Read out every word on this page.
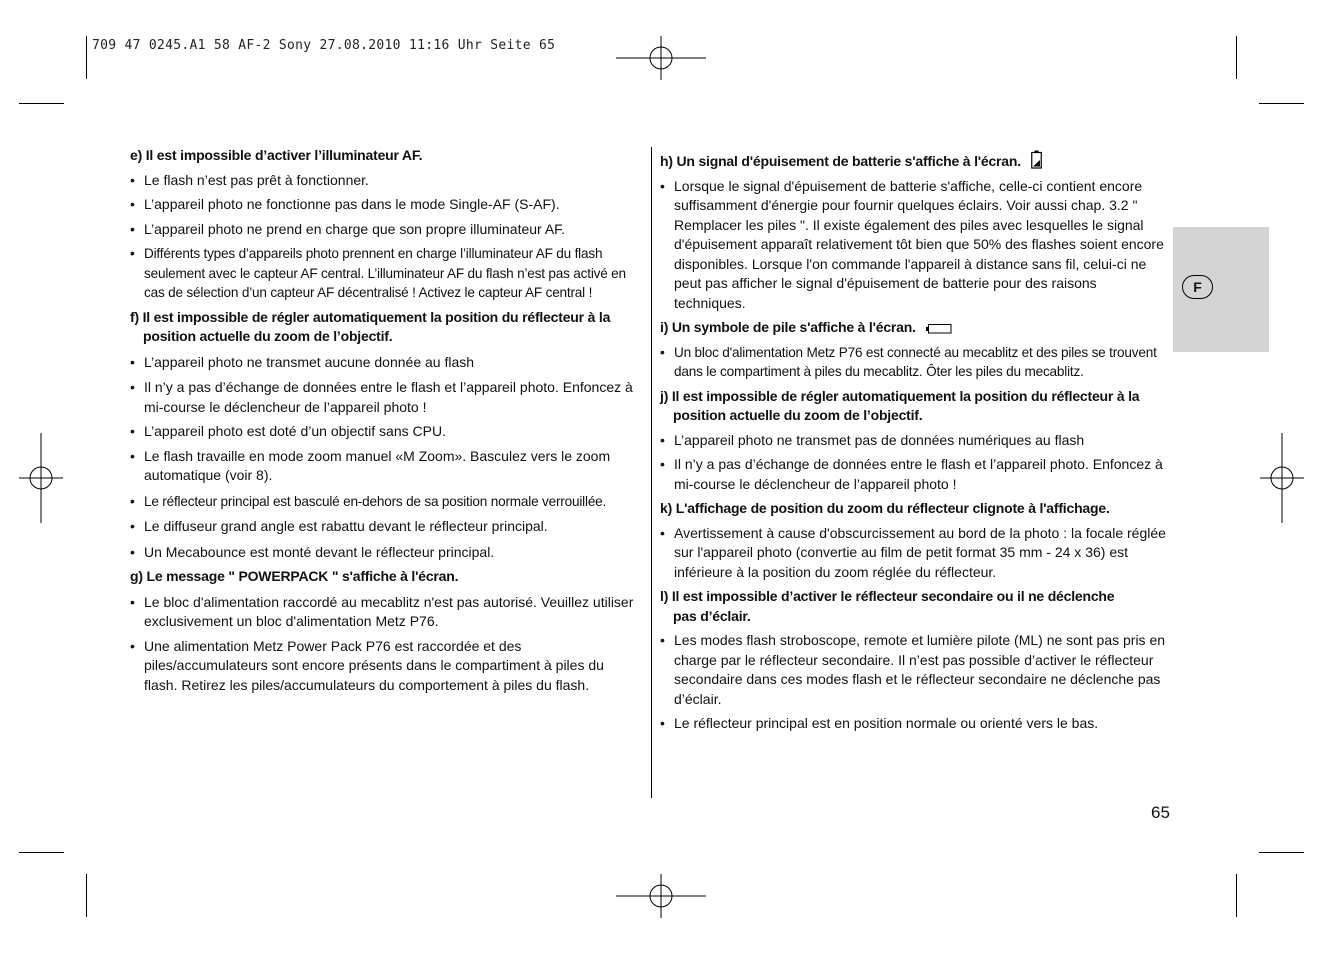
709 47 0245.A1 58 AF-2 Sony 27.08.2010 11:16 Uhr Seite 65

e) Il est impossible d’activer l’illuminateur AF.

• Le flash n’est pas prêt à fonctionner.

• L’appareil photo ne fonctionne pas dans le mode Single-AF (S-AF).

• L’appareil photo ne prend en charge que son propre illuminateur AF.

• Différents types d’appareils photo prennent en charge l’illuminateur AF du flash seulement avec le capteur AF central. L’illuminateur AF du flash n’est pas activé en cas de sélection d’un capteur AF décentralisé ! Activez le capteur AF central !

f) Il est impossible de régler automatiquement la position du réflecteur à la position actuelle du zoom de l’objectif.

• L’appareil photo ne transmet aucune donnée au flash

• Il n’y a pas d’échange de données entre le flash et l’appareil photo. Enfoncez à mi-course le déclencheur de l’appareil photo !

• L’appareil photo est doté d’un objectif sans CPU.

• Le flash travaille en mode zoom manuel «M Zoom». Basculez vers le zoom automatique (voir 8).

• Le réflecteur principal est basculé en-dehors de sa position normale verrouillée.

• Le diffuseur grand angle est rabattu devant le réflecteur principal.

• Un Mecabounce est monté devant le réflecteur principal.

g) Le message " POWERPACK " s'affiche à l'écran.

• Le bloc d'alimentation raccordé au mecablitz n'est pas autorisé. Veuillez utiliser exclusivement un bloc d'alimentation Metz P76.

• Une alimentation Metz Power Pack P76 est raccordée et des piles/accumulateurs sont encore présents dans le compartiment à piles du flash. Retirez les piles/accumulateurs du comportement à piles du flash.

h) Un signal d'épuisement de batterie s'affiche à l'écran.

• Lorsque le signal d'épuisement de batterie s'affiche, celle-ci contient encore suffisamment d'énergie pour fournir quelques éclairs. Voir aussi chap. 3.2 " Remplacer les piles ". Il existe également des piles avec lesquelles le signal d'épuisement apparaît relativement tôt bien que 50% des flashes soient encore disponibles. Lorsque l'on commande l'appareil à distance sans fil, celui-ci ne peut pas afficher le signal d'épuisement de batterie pour des raisons techniques.

i) Un symbole de pile s'affiche à l'écran.

• Un bloc d'alimentation Metz P76 est connecté au mecablitz et des piles se trouvent dans le compartiment à piles du mecablitz. Ôter les piles du mecablitz.

j) Il est impossible de régler automatiquement la position du réflecteur à la position actuelle du zoom de l’objectif.

• L’appareil photo ne transmet pas de données numériques au flash

• Il n’y a pas d’échange de données entre le flash et l’appareil photo. Enfoncez à mi-course le déclencheur de l’appareil photo !

k) L'affichage de position du zoom du réflecteur clignote à l'affichage.

• Avertissement à cause d'obscurcissement au bord de la photo : la focale réglée sur l'appareil photo (convertie au film de petit format 35 mm - 24 x 36) est inférieure à la position du zoom réglée du réflecteur.

l) Il est impossible d’activer le réflecteur secondaire ou il ne déclenche pas d’éclair.

• Les modes flash stroboscope, remote et lumière pilote (ML) ne sont pas pris en charge par le réflecteur secondaire. Il n’est pas possible d’activer le réflecteur secondaire dans ces modes flash et le réflecteur secondaire ne déclenche pas d’éclair.

• Le réflecteur principal est en position normale ou orienté vers le bas.

F
65
